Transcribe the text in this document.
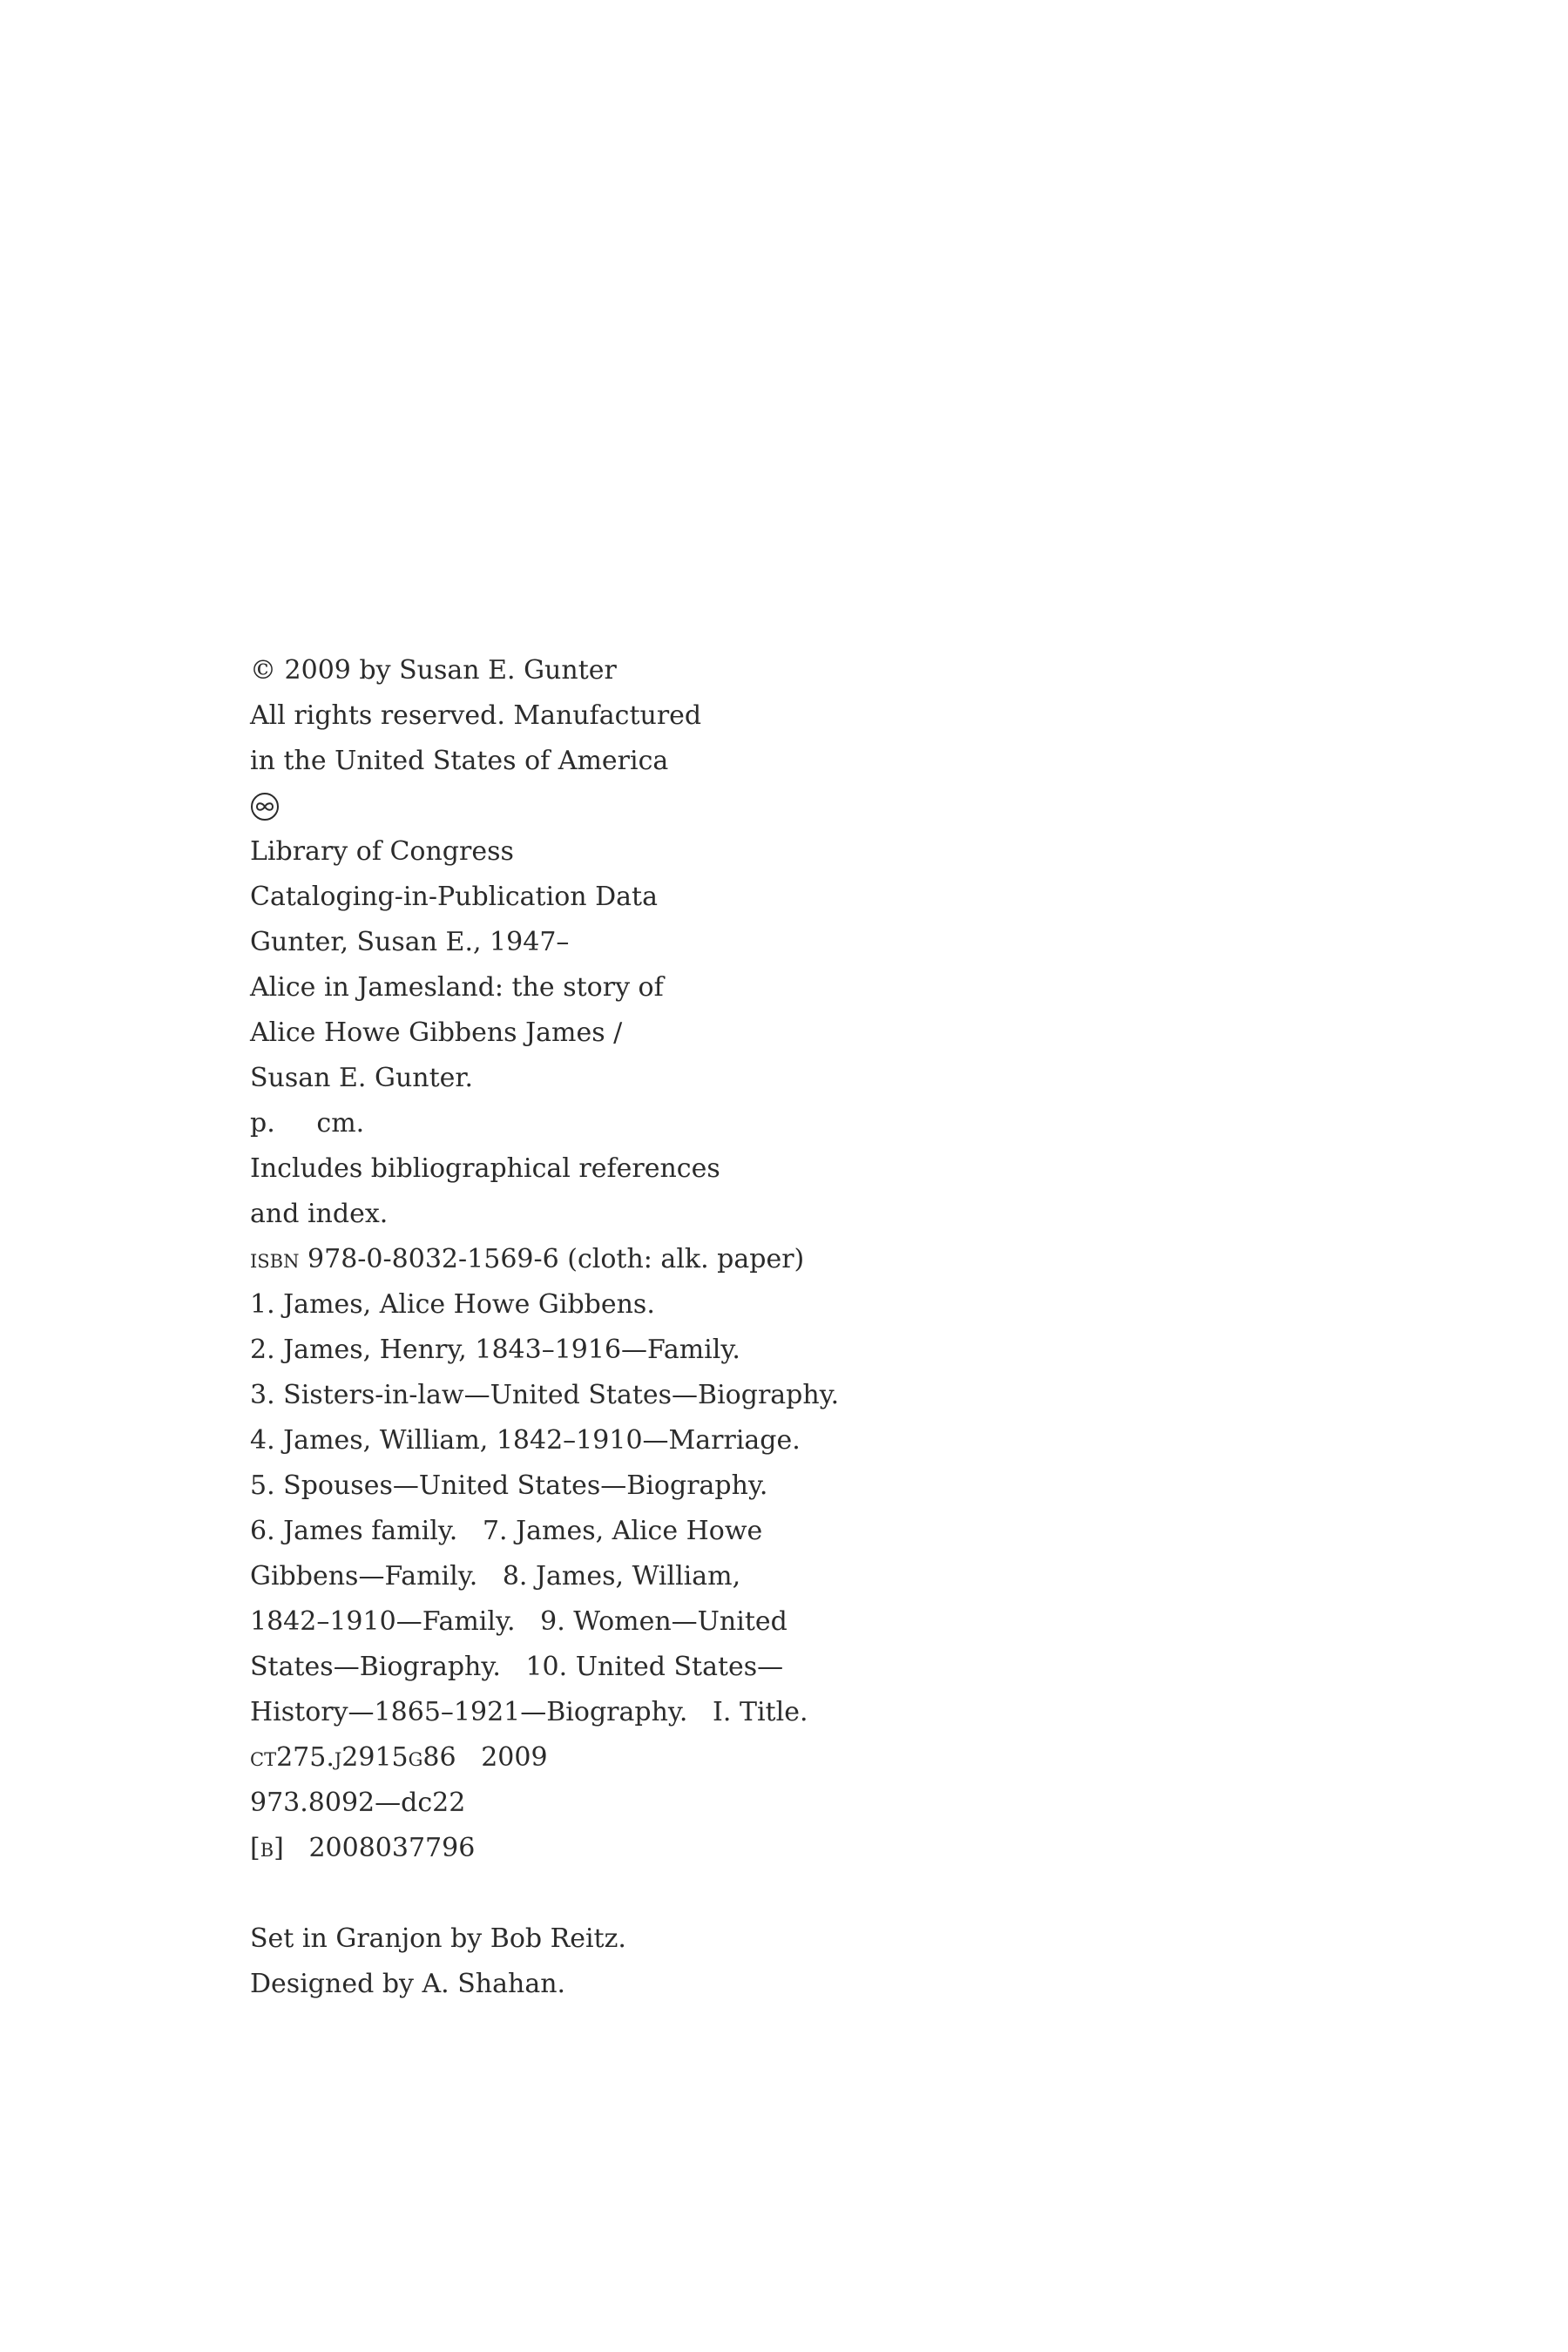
© 2009 by Susan E. Gunter
All rights reserved. Manufactured
in the United States of America
Library of Congress
Cataloging-in-Publication Data
Gunter, Susan E., 1947–
Alice in Jamesland: the story of
Alice Howe Gibbens James /
Susan E. Gunter.
p.     cm.
Includes bibliographical references
and index.
isbn 978-0-8032-1569-6 (cloth: alk. paper)
1. James, Alice Howe Gibbens.
2. James, Henry, 1843–1916—Family.
3. Sisters-in-law—United States—Biography.
4. James, William, 1842–1910—Marriage.
5. Spouses—United States—Biography.
6. James family.   7. James, Alice Howe
Gibbens—Family.   8. James, William,
1842–1910—Family.   9. Women—United
States—Biography.   10. United States—
History—1865–1921—Biography.   I. Title.
ct275.j2915g86   2009
973.8092—dc22
[b]   2008037796
Set in Granjon by Bob Reitz.
Designed by A. Shahan.
